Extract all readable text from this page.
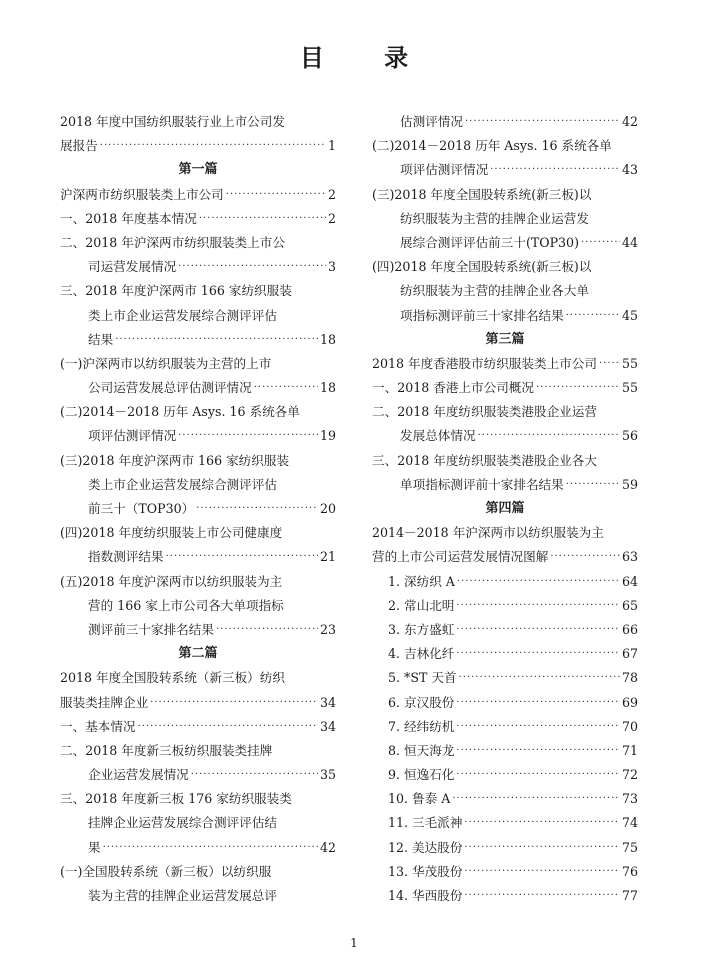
目 录
2018 年度中国纺织服装行业上市公司发
展报告 ·····	1
第一篇
沪深两市纺织服装类上市公司 ·····	2
一、2018 年度基本情况 ·····	2
二、2018 年沪深两市纺织服装类上市公
司运营发展情况 ·····	3
三、2018 年度沪深两市 166 家纺织服装
类上市企业运营发展综合测评评估
结果 ·····	18
(一)沪深两市以纺织服装为主营的上市
公司运营发展总评估测评情况 ·····	18
(二)2014－2018 历年 Asys. 16 系统各单
项评估测评情况 ·····	19
(三)2018 年度沪深两市 166 家纺织服装
类上市企业运营发展综合测评评估
前三十（TOP30） ·····	20
(四)2018 年度纺织服装上市公司健康度
指数测评结果 ·····	21
(五)2018 年度沪深两市以纺织服装为主
营的 166 家上市公司各大单项指标
测评前三十家排名结果 ·····	23
第二篇
2018 年度全国股转系统（新三板）纺织
服装类挂牌企业 ·····	34
一、基本情况 ·····	34
二、2018 年度新三板纺织服装类挂牌
企业运营发展情况 ·····	35
三、2018 年度新三板 176 家纺织服装类
挂牌企业运营发展综合测评评估结
果 ·····	42
(一)全国股转系统（新三板）以纺织服
装为主营的挂牌企业运营发展总评
估测评情况 ·····	42
(二)2014－2018 历年 Asys. 16 系统各单
项评估测评情况 ·····	43
(三)2018 年度全国股转系统(新三板)以
纺织服装为主营的挂牌企业运营发
展综合测评评估前三十(TOP30) ·····	44
(四)2018 年度全国股转系统(新三板)以
纺织服装为主营的挂牌企业各大单
项指标测评前三十家排名结果 ·····	45
第三篇
2018 年度香港股市纺织服装类上市公司 ····· 55
一、2018 香港上市公司概况 ·····	55
二、2018 年度纺织服装类港股企业运营
发展总体情况 ·····	56
三、2018 年度纺织服装类港股企业各大
单项指标测评前十家排名结果 ·····	59
第四篇
2014－2018 年沪深两市以纺织服装为主
营的上市公司运营发展情况图解 ·····	63
1. 深纺织 A ·····	64
2. 常山北明 ·····	65
3. 东方盛虹 ·····	66
4. 吉林化纤 ·····	67
5. *ST 天首 ·····	78
6. 京汉股份 ·····	69
7. 经纬纺机 ·····	70
8. 恒天海龙 ·····	71
9. 恒逸石化 ·····	72
10. 鲁泰 A ·····	73
11. 三毛派神 ·····	74
12. 美达股份 ·····	75
13. 华茂股份 ·····	76
14. 华西股份 ·····	77
1
